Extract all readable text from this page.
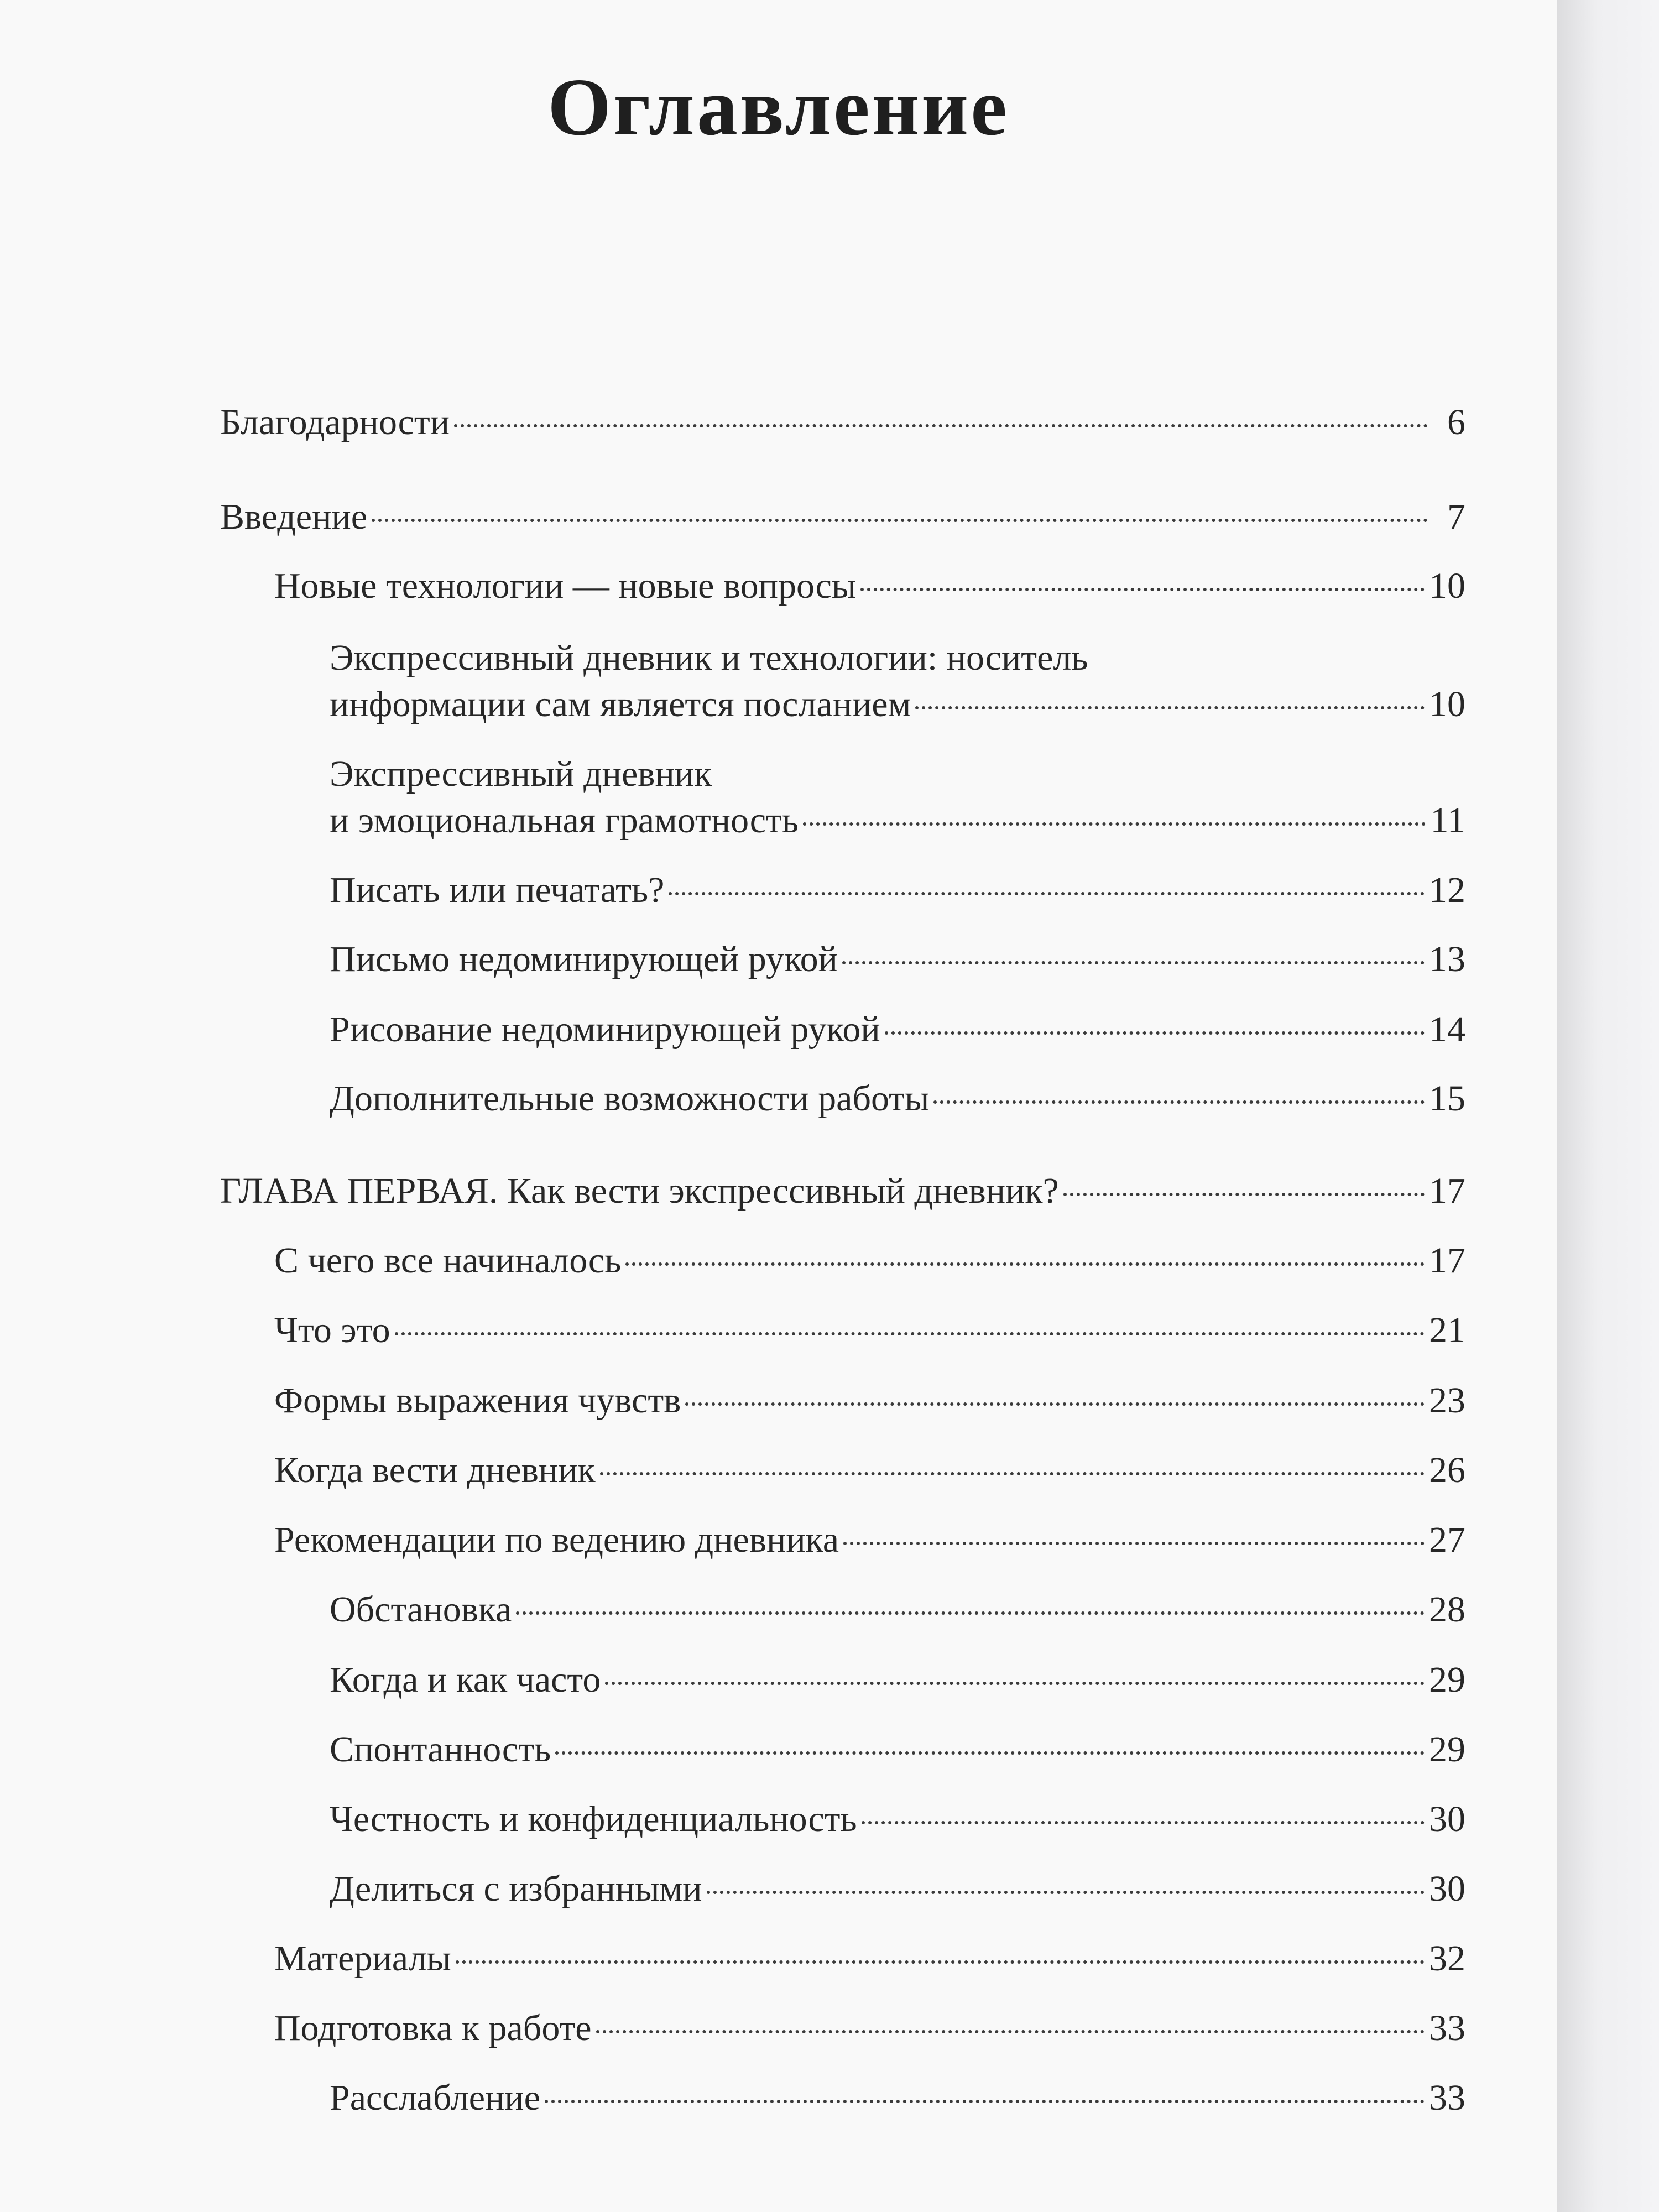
Оглавление
Благодарности	6
Введение	7
Новые технологии — новые вопросы	10
Экспрессивный дневник и технологии: носитель
информации сам является посланием	10
Экспрессивный дневник
и эмоциональная грамотность	11
Писать или печатать?	12
Письмо недоминирующей рукой	13
Рисование недоминирующей рукой	14
Дополнительные возможности работы	15
ГЛАВА ПЕРВАЯ. Как вести экспрессивный дневник?	17
С чего все начиналось	17
Что это	21
Формы выражения чувств	23
Когда вести дневник	26
Рекомендации по ведению дневника	27
Обстановка	28
Когда и как часто	29
Спонтанность	29
Честность и конфиденциальность	30
Делиться с избранными	30
Материалы	32
Подготовка к работе	33
Расслабление	33
